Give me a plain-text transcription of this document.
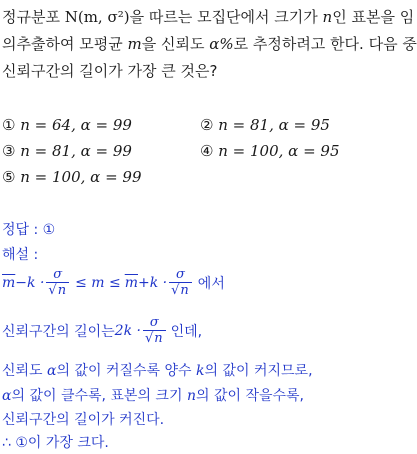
정규분포 N(m, σ²)을 따르는 모집단에서 크기가 n인 표본을 임
의추출하여 모평균 m을 신뢰도 α%로 추정하려고 한다. 다음 중
신뢰구간의 길이가 가장 큰 것은?
① n = 64, α = 99	② n = 81, α = 95
③ n = 81, α = 99	④ n = 100, α = 95
⑤ n = 100, α = 99
정답 : ①
해설 :
$\overline{m} -k \cdot \frac{\sigma}{√ n} \le m \le \overline{m} +k \cdot \frac{\sigma}{√ n}$ 에서
신뢰구간의 길이는 $2k \cdot \frac{\sigma}{√ n}$ 인데,
신뢰도 α의 값이 커질수록 양수 k의 값이 커지므로,
α의 값이 클수록, 표본의 크기 n의 값이 작을수록,
신뢰구간의 길이가 커진다.
∴ ①이 가장 크다.
